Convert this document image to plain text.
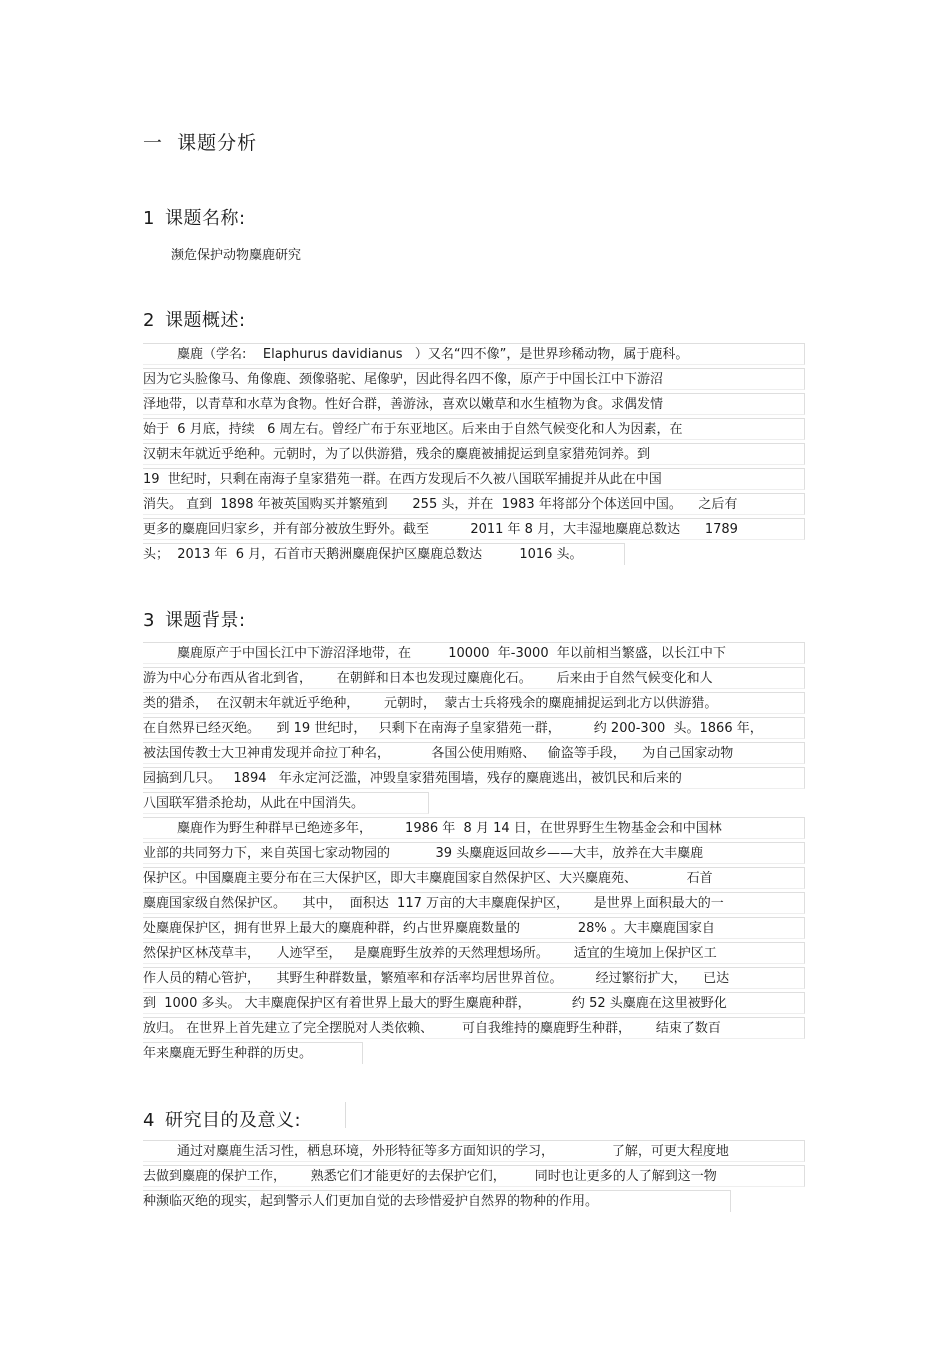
一  课题分析
1 课题名称:
濒危保护动物麋鹿研究
2 课题概述:
麋鹿（学名:    Elaphurus davidianus   ）又名“四不像”，是世界珍稀动物，属于鹿科。
因为它头脸像马、角像鹿、颈像骆驼、尾像驴，因此得名四不像，原产于中国长江中下游沼
泽地带，以青草和水草为食物。性好合群，善游泳，喜欢以嫩草和水生植物为食。求偶发情
始于  6 月底，持续   6 周左右。曾经广布于东亚地区。后来由于自然气候变化和人为因素，在
汉朝末年就近乎绝种。元朝时，为了以供游猎，残余的麋鹿被捕捉运到皇家猎苑饲养。到
19  世纪时，只剩在南海子皇家猎苑一群。在西方发现后不久被八国联军捕捉并从此在中国
消失。 直到  1898 年被英国购买并繁殖到      255 头，并在  1983 年将部分个体送回中国。    之后有
更多的麋鹿回归家乡，并有部分被放生野外。截至          2011 年 8 月，大丰湿地麋鹿总数达      1789
头；  2013 年  6 月，石首市天鹅洲麋鹿保护区麋鹿总数达         1016 头。
3 课题背景:
麋鹿原产于中国长江中下游沼泽地带，在         10000  年-3000  年以前相当繁盛，以长江中下
游为中心分布西从省北到省，      在朝鲜和日本也发现过麋鹿化石。      后来由于自然气候变化和人
类的猎杀，  在汉朝末年就近乎绝种，      元朝时，  蒙古士兵将残余的麋鹿捕捉运到北方以供游猎。
在自然界已经灭绝。    到 19 世纪时，   只剩下在南海子皇家猎苑一群，        约 200-300  头。1866 年，
被法国传教士大卫神甫发现并命拉丁种名，          各国公使用贿赂、   偷盗等手段，    为自己国家动物
园搞到几只。   1894   年永定河泛滥，冲毁皇家猎苑围墙，残存的麋鹿逃出，被饥民和后来的
八国联军猎杀抢劫，从此在中国消失。
麋鹿作为野生种群早已绝迹多年，        1986 年  8 月 14 日，在世界野生生物基金会和中国林
业部的共同努力下，来自英国七家动物园的           39 头麋鹿返回故乡——大丰，放养在大丰麋鹿
保护区。中国麋鹿主要分布在三大保护区，即大丰麋鹿国家自然保护区、大兴麋鹿苑、            石首
麋鹿国家级自然保护区。    其中，  面积达  117 万亩的大丰麋鹿保护区，      是世界上面积最大的一
处麋鹿保护区，拥有世界上最大的麋鹿种群，约占世界麋鹿数量的              28% 。大丰麋鹿国家自
然保护区林茂草丰，    人迹罕至，   是麋鹿野生放养的天然理想场所。      适宜的生境加上保护区工
作人员的精心管护，    其野生种群数量，繁殖率和存活率均居世界首位。        经过繁衍扩大，    已达
到  1000 多头。 大丰麋鹿保护区有着世界上最大的野生麋鹿种群，          约 52 头麋鹿在这里被野化
放归。 在世界上首先建立了完全摆脱对人类依赖、       可自我维持的麋鹿野生种群，      结束了数百
年来麋鹿无野生种群的历史。
4 研究目的及意义:
通过对麋鹿生活习性，栖息环境，外形特征等多方面知识的学习，              了解，可更大程度地
去做到麋鹿的保护工作，      熟悉它们才能更好的去保护它们，       同时也让更多的人了解到这一物
种濒临灭绝的现实，起到警示人们更加自觉的去珍惜爱护自然界的物种的作用。
